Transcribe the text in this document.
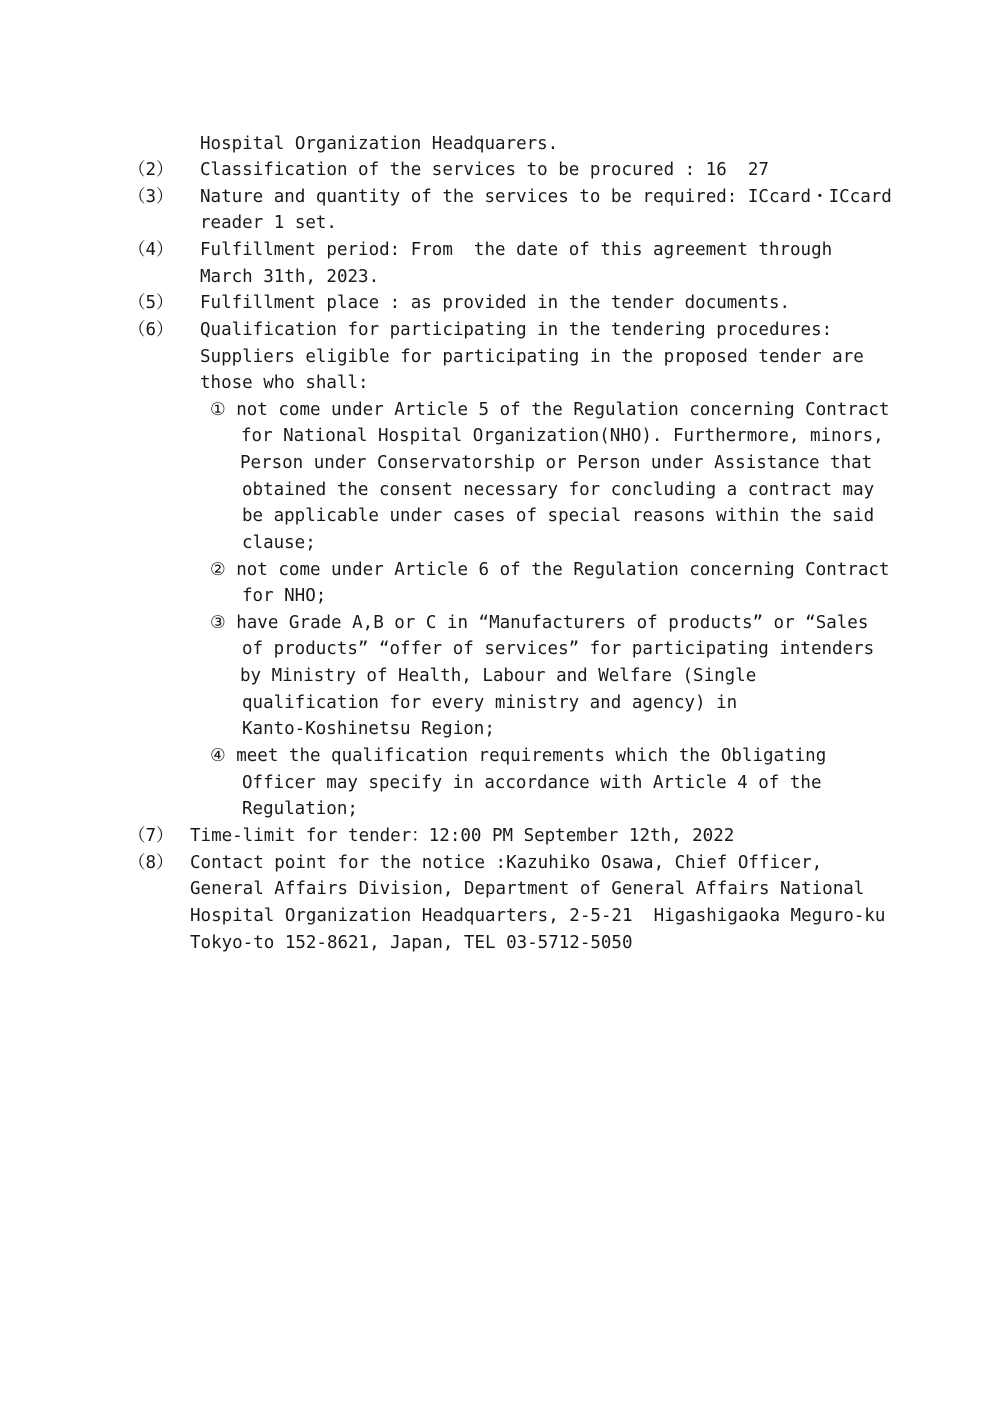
Hospital Organization Headquarers.
（2） Classification of the services to be procured : 16  27
（3） Nature and quantity of the services to be required: ICcard・ICcard
reader 1 set.
（4） Fulfillment period: From  the date of this agreement through
March 31th, 2023.
（5） Fulfillment place : as provided in the tender documents.
（6） Qualification for participating in the tendering procedures:
Suppliers eligible for participating in the proposed tender are
those who shall:
① not come under Article 5 of the Regulation concerning Contract
for National Hospital Organization(NHO). Furthermore, minors,
Person under Conservatorship or Person under Assistance that
obtained the consent necessary for concluding a contract may
be applicable under cases of special reasons within the said
clause;
② not come under Article 6 of the Regulation concerning Contract
for NHO;
③ have Grade A,B or C in “Manufacturers of products” or “Sales
of products” “offer of services” for participating intenders
by Ministry of Health, Labour and Welfare (Single
qualification for every ministry and agency) in
Kanto-Koshinetsu Region;
④ meet the qualification requirements which the Obligating
Officer may specify in accordance with Article 4 of the
Regulation;
（7） Time-limit for tender：12:00 PM September 12th, 2022
（8） Contact point for the notice :Kazuhiko Osawa, Chief Officer,
General Affairs Division, Department of General Affairs National
Hospital Organization Headquarters, 2-5-21  Higashigaoka Meguro-ku
Tokyo-to 152-8621, Japan, TEL 03-5712-5050
